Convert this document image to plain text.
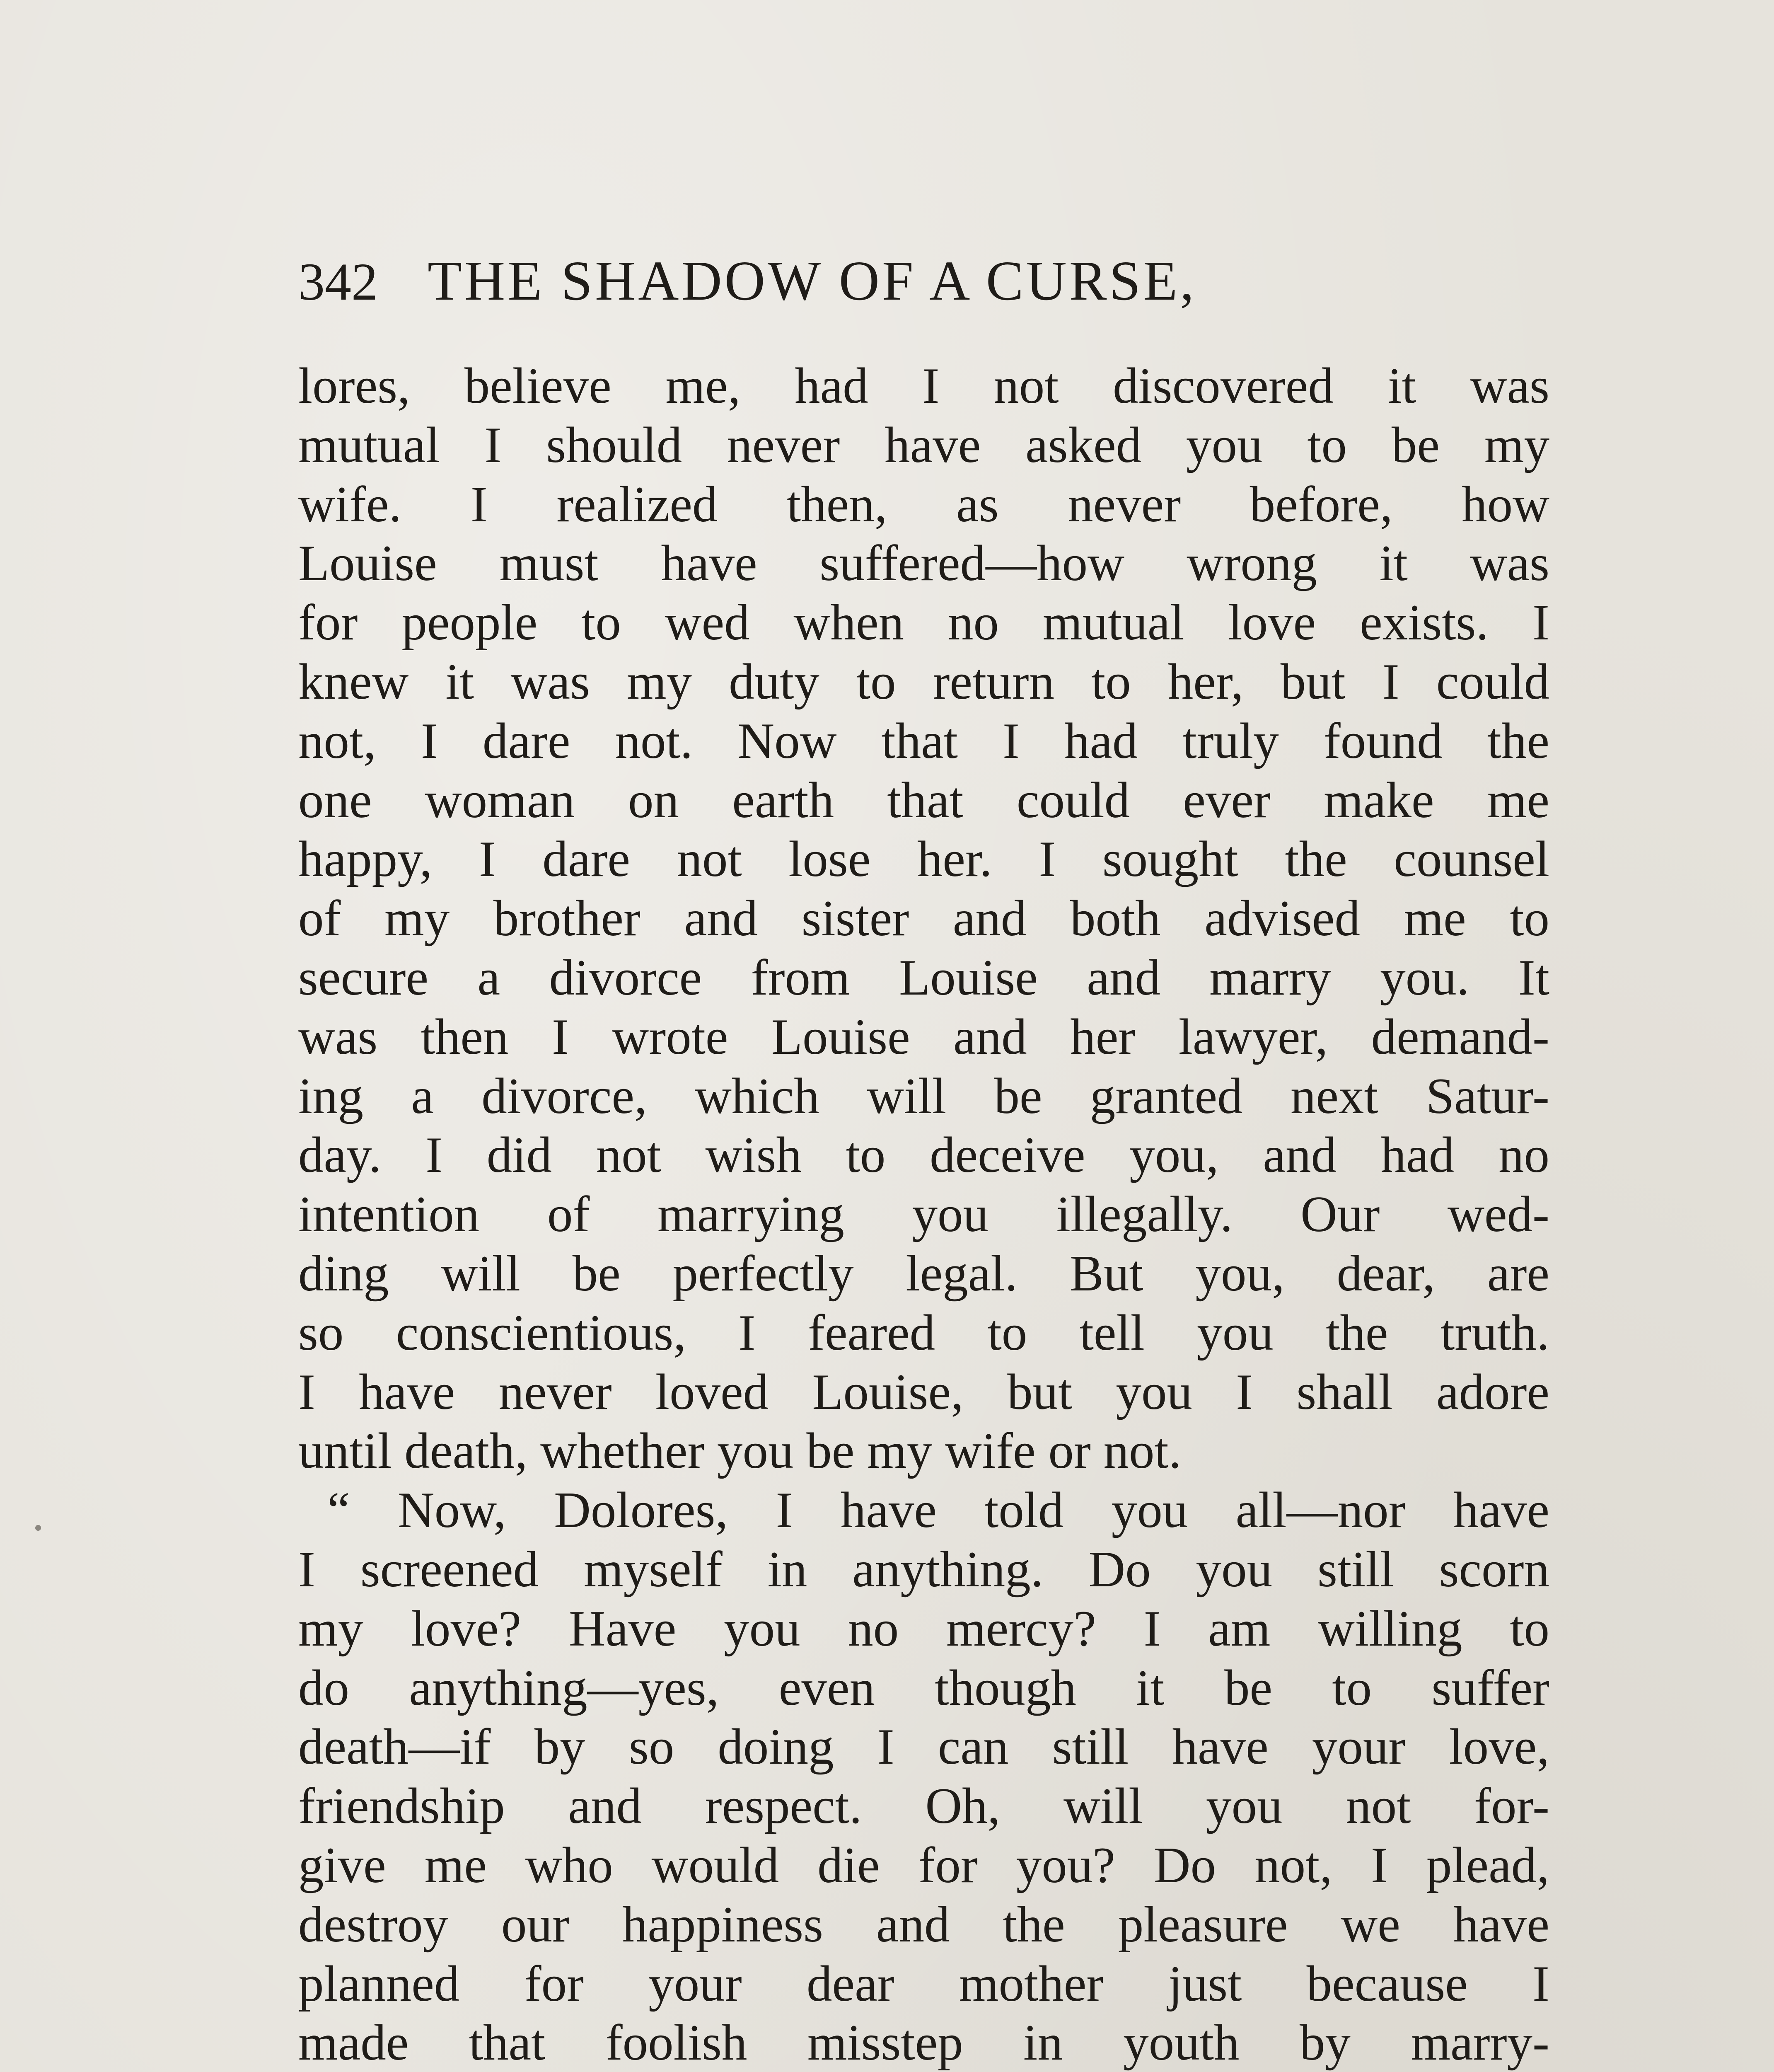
342 THE SHADOW OF A CURSE,
lores, believe me, had I not discovered it was
mutual I should never have asked you to be my
wife. I realized then, as never before, how
Louise must have suffered—how wrong it was
for people to wed when no mutual love exists. I
knew it was my duty to return to her, but I could
not, I dare not. Now that I had truly found the
one woman on earth that could ever make me
happy, I dare not lose her. I sought the counsel
of my brother and sister and both advised me to
secure a divorce from Louise and marry you. It
was then I wrote Louise and her lawyer, demand-
ing a divorce, which will be granted next Satur-
day. I did not wish to deceive you, and had no
intention of marrying you illegally. Our wed-
ding will be perfectly legal. But you, dear, are
so conscientious, I feared to tell you the truth.
I have never loved Louise, but you I shall adore
until death, whether you be my wife or not.
“ Now, Dolores, I have told you all—nor have
I screened myself in anything. Do you still scorn
my love? Have you no mercy? I am willing to
do anything—yes, even though it be to suffer
death—if by so doing I can still have your love,
friendship and respect. Oh, will you not for-
give me who would die for you? Do not, I plead,
destroy our happiness and the pleasure we have
planned for your dear mother just because I
made that foolish misstep in youth by marry-
